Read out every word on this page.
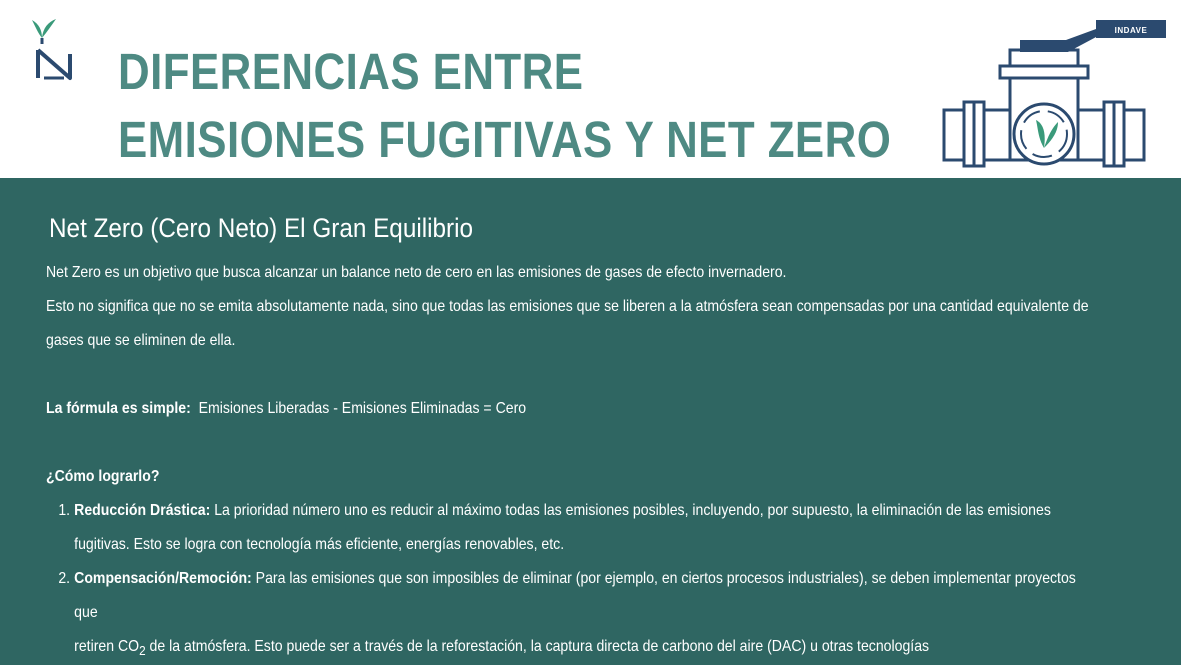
DIFERENCIAS ENTRE
EMISIONES FUGITIVAS Y NET ZERO
INDAVE
Net Zero (Cero Neto) El Gran Equilibrio

Net Zero es un objetivo que busca alcanzar un balance neto de cero en las emisiones de gases de efecto invernadero.

Esto no significa que no se emita absolutamente nada, sino que todas las emisiones que se liberen a la atmósfera sean compensadas por una cantidad equivalente de

gases que se eliminen de ella.

La fórmula es simple: Emisiones Liberadas - Emisiones Eliminadas = Cero

¿Cómo lograrlo?

1. Reducción Drástica: La prioridad número uno es reducir al máximo todas las emisiones posibles, incluyendo, por supuesto, la eliminación de las emisiones
fugitivas. Esto se logra con tecnología más eficiente, energías renovables, etc.
2. Compensación/Remoción: Para las emisiones que son imposibles de eliminar (por ejemplo, en ciertos procesos industriales), se deben implementar proyectos que
retiren $CO_2$ de la atmósfera. Esto puede ser a través de la reforestación, la captura directa de carbono del aire (DAC) u otras tecnologías
